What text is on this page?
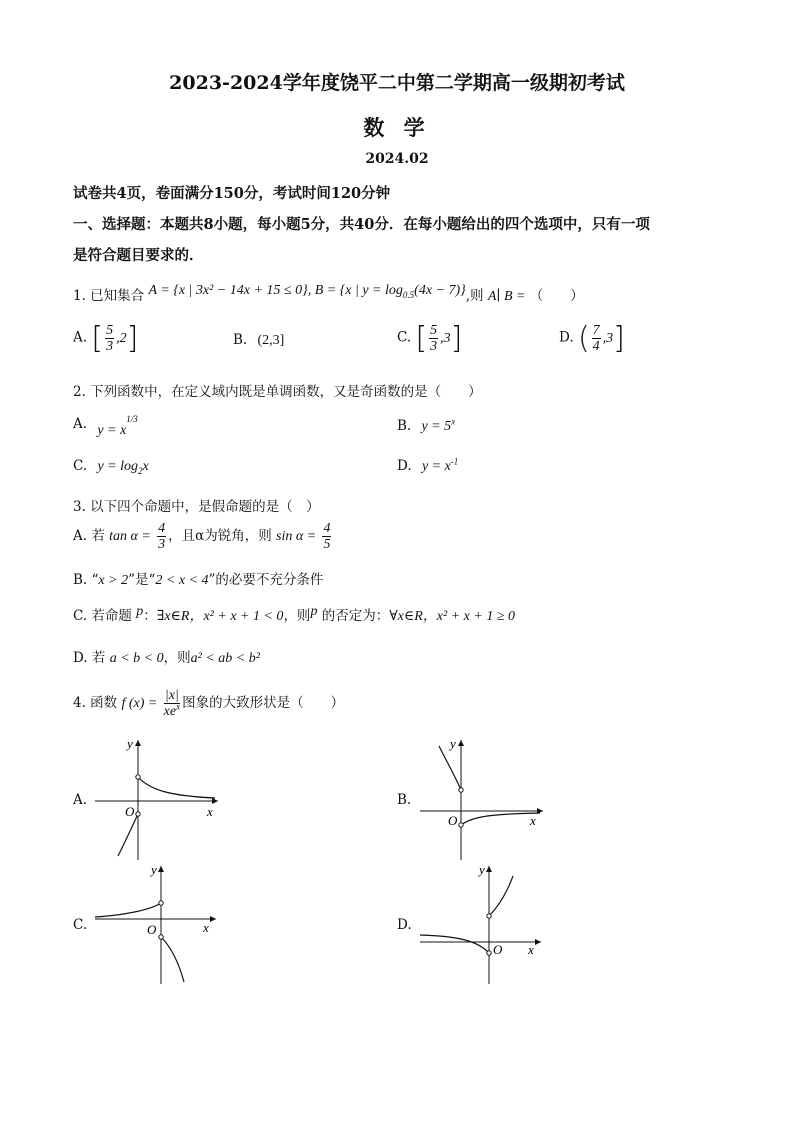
2023-2024学年度饶平二中第二学期高一级期初考试
数 学
2024.02
试卷共4页，卷面满分150分，考试时间120分钟
一、选择题：本题共8小题，每小题5分，共40分．在每小题给出的四个选项中，只有一项
是符合题目要求的．
1. 已知集合 A = {x | 3x² − 14x + 15 ≤ 0}, B = {x | $y = \log_{0.5}(4x - 7)$},则 A∣ B = （　　）
A. [ $\frac{5}{3} ,2$]	B. (2,3]	C. [ $\frac{5}{3} ,3$]	D. ( $\frac{7}{4} ,3$]
2. 下列函数中，在定义域内既是单调函数，又是奇函数的是（　　）
A. $y = x^{1/3}$	B. $y = 5^x$
C. $y = \log_2x$	D. $y = x^{-1}$
3. 以下四个命题中，是假命题的是（　）
A. 若 $\tan \alpha = \frac{4}{3}$ ，且α为锐角，则 $\sin \alpha = \frac{4}{5}$
B. “x > 2”是“2 < x < 4”的必要不充分条件
C. 若命题 p：∃x∈R，x² + x + 1 < 0，则p 的否定为：∀x∈R，x² + x + 1 ≥ 0
D. 若 a < b < 0，则a² < ab < b²
4. 函数 f $(x) = \frac{|x|}{xe^x}$ 图象的大致形状是（　　）
A.
y
x
O
B.
y
x
O
C.
y
x
O	D.
y
x
O
